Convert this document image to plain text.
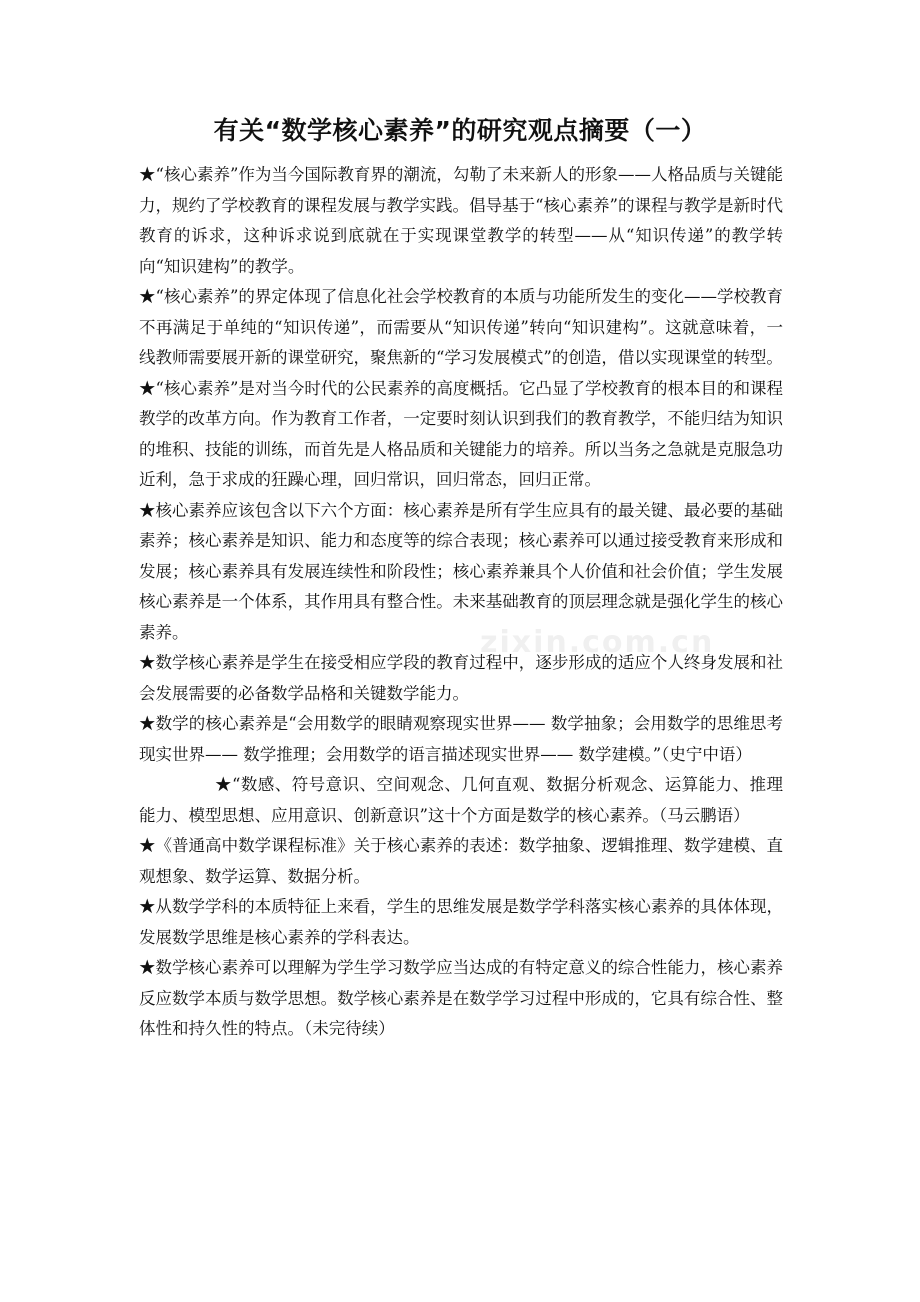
有关“数学核心素养”的研究观点摘要（一）

★“核心素养”作为当今国际教育界的潮流，勾勒了未来新人的形象——人格品质与关键能力，规约了学校教育的课程发展与教学实践。倡导基于“核心素养”的课程与教学是新时代教育的诉求，这种诉求说到底就在于实现课堂教学的转型——从“知识传递”的教学转向“知识建构”的教学。

★“核心素养”的界定体现了信息化社会学校教育的本质与功能所发生的变化——学校教育不再满足于单纯的“知识传递”，而需要从“知识传递”转向“知识建构”。这就意味着，一线教师需要展开新的课堂研究，聚焦新的“学习发展模式”的创造，借以实现课堂的转型。

★“核心素养”是对当今时代的公民素养的高度概括。它凸显了学校教育的根本目的和课程教学的改革方向。作为教育工作者，一定要时刻认识到我们的教育教学，不能归结为知识的堆积、技能的训练，而首先是人格品质和关键能力的培养。所以当务之急就是克服急功近利，急于求成的狂躁心理，回归常识，回归常态，回归正常。

★核心素养应该包含以下六个方面：核心素养是所有学生应具有的最关键、最必要的基础素养；核心素养是知识、能力和态度等的综合表现；核心素养可以通过接受教育来形成和发展；核心素养具有发展连续性和阶段性；核心素养兼具个人价值和社会价值；学生发展核心素养是一个体系，其作用具有整合性。未来基础教育的顶层理念就是强化学生的核心素养。

★数学核心素养是学生在接受相应学段的教育过程中，逐步形成的适应个人终身发展和社会发展需要的必备数学品格和关键数学能力。

★数学的核心素养是“会用数学的眼睛观察现实世界—— 数学抽象；会用数学的思维思考现实世界—— 数学推理；会用数学的语言描述现实世界—— 数学建模。”（史宁中语）

★“数感、符号意识、空间观念、几何直观、数据分析观念、运算能力、推理能力、模型思想、应用意识、创新意识”这十个方面是数学的核心素养。（马云鹏语）

★《普通高中数学课程标准》关于核心素养的表述：数学抽象、逻辑推理、数学建模、直观想象、数学运算、数据分析。

★从数学学科的本质特征上来看，学生的思维发展是数学学科落实核心素养的具体体现，发展数学思维是核心素养的学科表达。

★数学核心素养可以理解为学生学习数学应当达成的有特定意义的综合性能力，核心素养反应数学本质与数学思想。数学核心素养是在数学学习过程中形成的，它具有综合性、整体性和持久性的特点。（未完待续）

zixin.com.cn
